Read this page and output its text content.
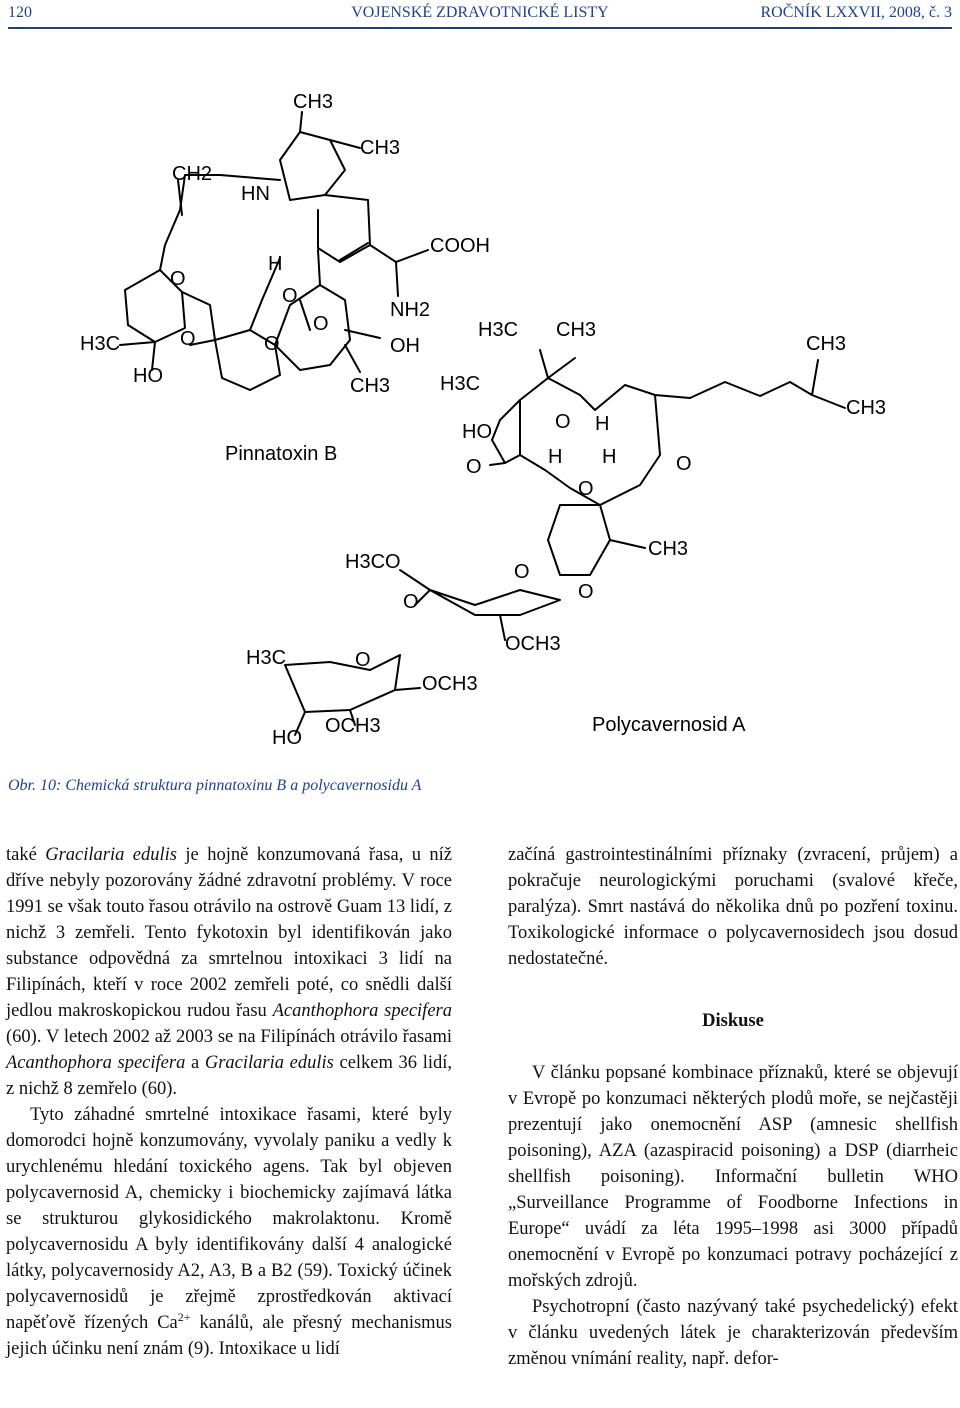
120	VOJENSKÉ ZDRAVOTNICKÉ LISTY	ROČNÍK LXXVII, 2008, č. 3
CH3
CH3
CH2
HN
COOH
H
O
O
NH2
O
H3C	O	O	OH
HO	CH3
Pinnatoxin B
H3C CH3
CH3
H3C
CH3
O H
HO
H H
O	O
O
CH3
H3CO	O
O
O
OCH3
H3C	O
OCH3
OCH3
HO
Polycavernosid A
Obr. 10: Chemická struktura pinnatoxinu B a polycavernosidu A

také Gracilaria edulis je hojně konzumovaná řasa, u níž dříve nebyly pozorovány žádné zdravotní problémy. V roce 1991 se však touto řasou otrávilo na ostrově Guam 13 lidí, z nichž 3 zemřeli. Tento fykotoxin byl identifikován jako substance odpovědná za smrtelnou intoxikaci 3 lidí na Filipínách, kteří v roce 2002 zemřeli poté, co snědli další jedlou makroskopickou rudou řasu Acanthophora specifera (60). V letech 2002 až 2003 se na Filipínách otrávilo řasami Acanthophora specifera a Gracilaria edulis celkem 36 lidí, z nichž 8 zemřelo (60).

Tyto záhadné smrtelné intoxikace řasami, které byly domorodci hojně konzumovány, vyvolaly paniku a vedly k urychlenému hledání toxického agens. Tak byl objeven polycavernosid A, chemicky i biochemicky zajímavá látka se strukturou glykosidického makrolaktonu. Kromě polycavernosidu A byly identifikovány další 4 analogické látky, polycavernosidy A2, A3, B a B2 (59). Toxický účinek polycavernosidů je zřejmě zprostředkován aktivací napěťově řízených $Ca^{2+}$ kanálů, ale přesný mechanismus jejich účinku není znám (9). Intoxikace u lidí

začíná gastrointestinálními příznaky (zvracení, průjem) a pokračuje neurologickými poruchami (svalové křeče, paralýza). Smrt nastává do několika dnů po pozření toxinu. Toxikologické informace o polycavernosidech jsou dosud nedostatečné.

Diskuse

V článku popsané kombinace příznaků, které se objevují v Evropě po konzumaci některých plodů moře, se nejčastěji prezentují jako onemocnění ASP (amnesic shellfish poisoning), AZA (azaspiracid poisoning) a DSP (diarrheic shellfish poisoning). Informační bulletin WHO „Surveillance Programme of Foodborne Infections in Europe“ uvádí za léta 1995–1998 asi 3000 případů onemocnění v Evropě po konzumaci potravy pocházející z mořských zdrojů.

Psychotropní (často nazývaný také psychedelický) efekt v článku uvedených látek je charakterizován především změnou vnímání reality, např. defor-
